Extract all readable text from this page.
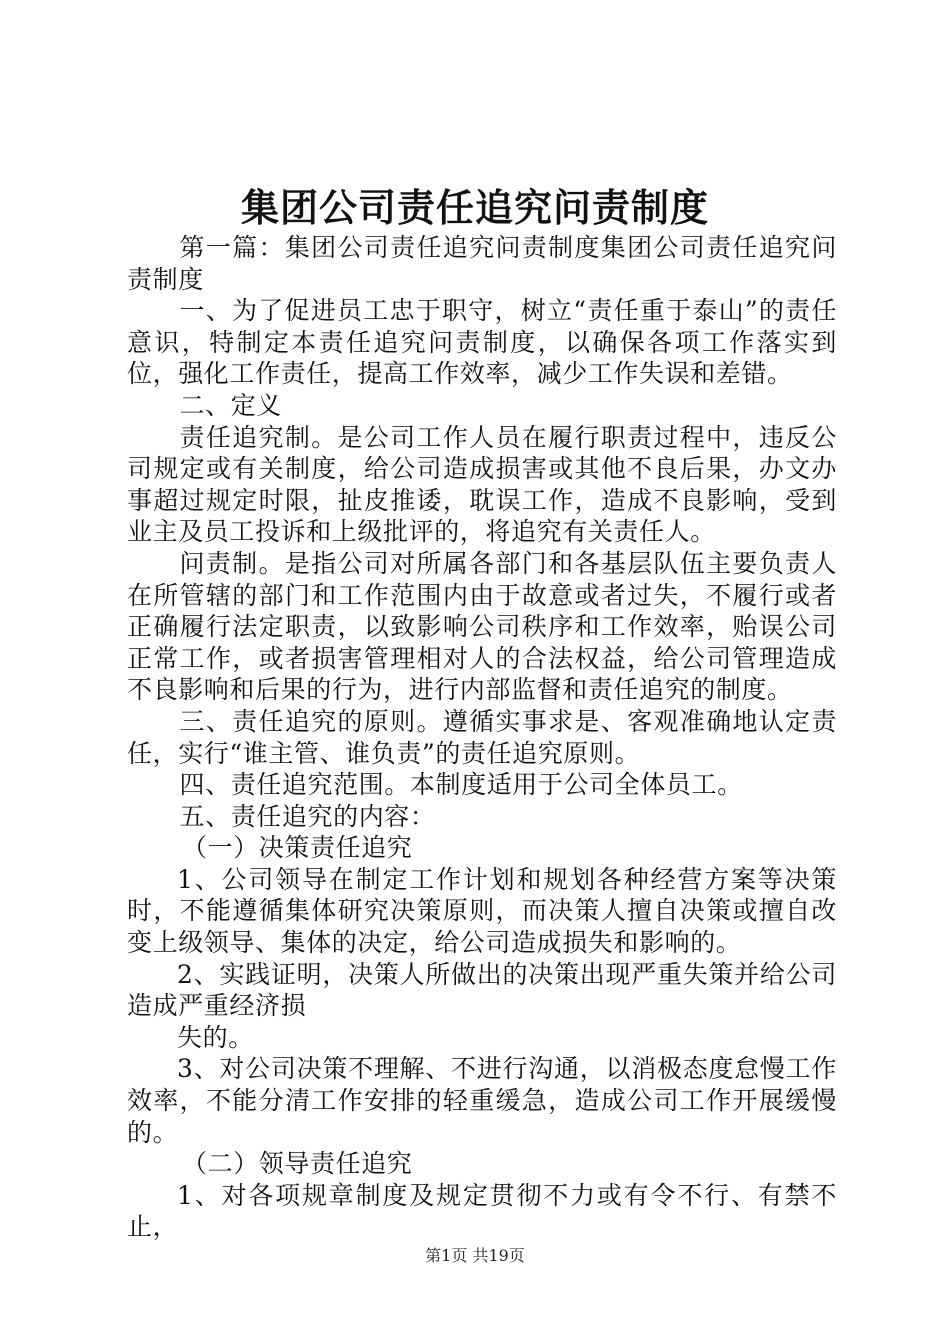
集团公司责任追究问责制度

第一篇：集团公司责任追究问责制度集团公司责任追究问责制度

一、为了促进员工忠于职守，树立“责任重于泰山”的责任意识，特制定本责任追究问责制度，以确保各项工作落实到位，强化工作责任，提高工作效率，减少工作失误和差错。

二、定义

责任追究制。是公司工作人员在履行职责过程中，违反公司规定或有关制度，给公司造成损害或其他不良后果，办文办事超过规定时限，扯皮推诿，耽误工作，造成不良影响，受到业主及员工投诉和上级批评的，将追究有关责任人。

问责制。是指公司对所属各部门和各基层队伍主要负责人在所管辖的部门和工作范围内由于故意或者过失，不履行或者正确履行法定职责，以致影响公司秩序和工作效率，贻误公司正常工作，或者损害管理相对人的合法权益，给公司管理造成不良影响和后果的行为，进行内部监督和责任追究的制度。

三、责任追究的原则。遵循实事求是、客观准确地认定责任，实行“谁主管、谁负责”的责任追究原则。

四、责任追究范围。本制度适用于公司全体员工。

五、责任追究的内容：

（一）决策责任追究

1、公司领导在制定工作计划和规划各种经营方案等决策时，不能遵循集体研究决策原则，而决策人擅自决策或擅自改变上级领导、集体的决定，给公司造成损失和影响的。

2、实践证明，决策人所做出的决策出现严重失策并给公司造成严重经济损

失的。

3、对公司决策不理解、不进行沟通，以消极态度怠慢工作效率，不能分清工作安排的轻重缓急，造成公司工作开展缓慢的。

（二）领导责任追究

1、对各项规章制度及规定贯彻不力或有令不行、有禁不止，

第1页 共19页
